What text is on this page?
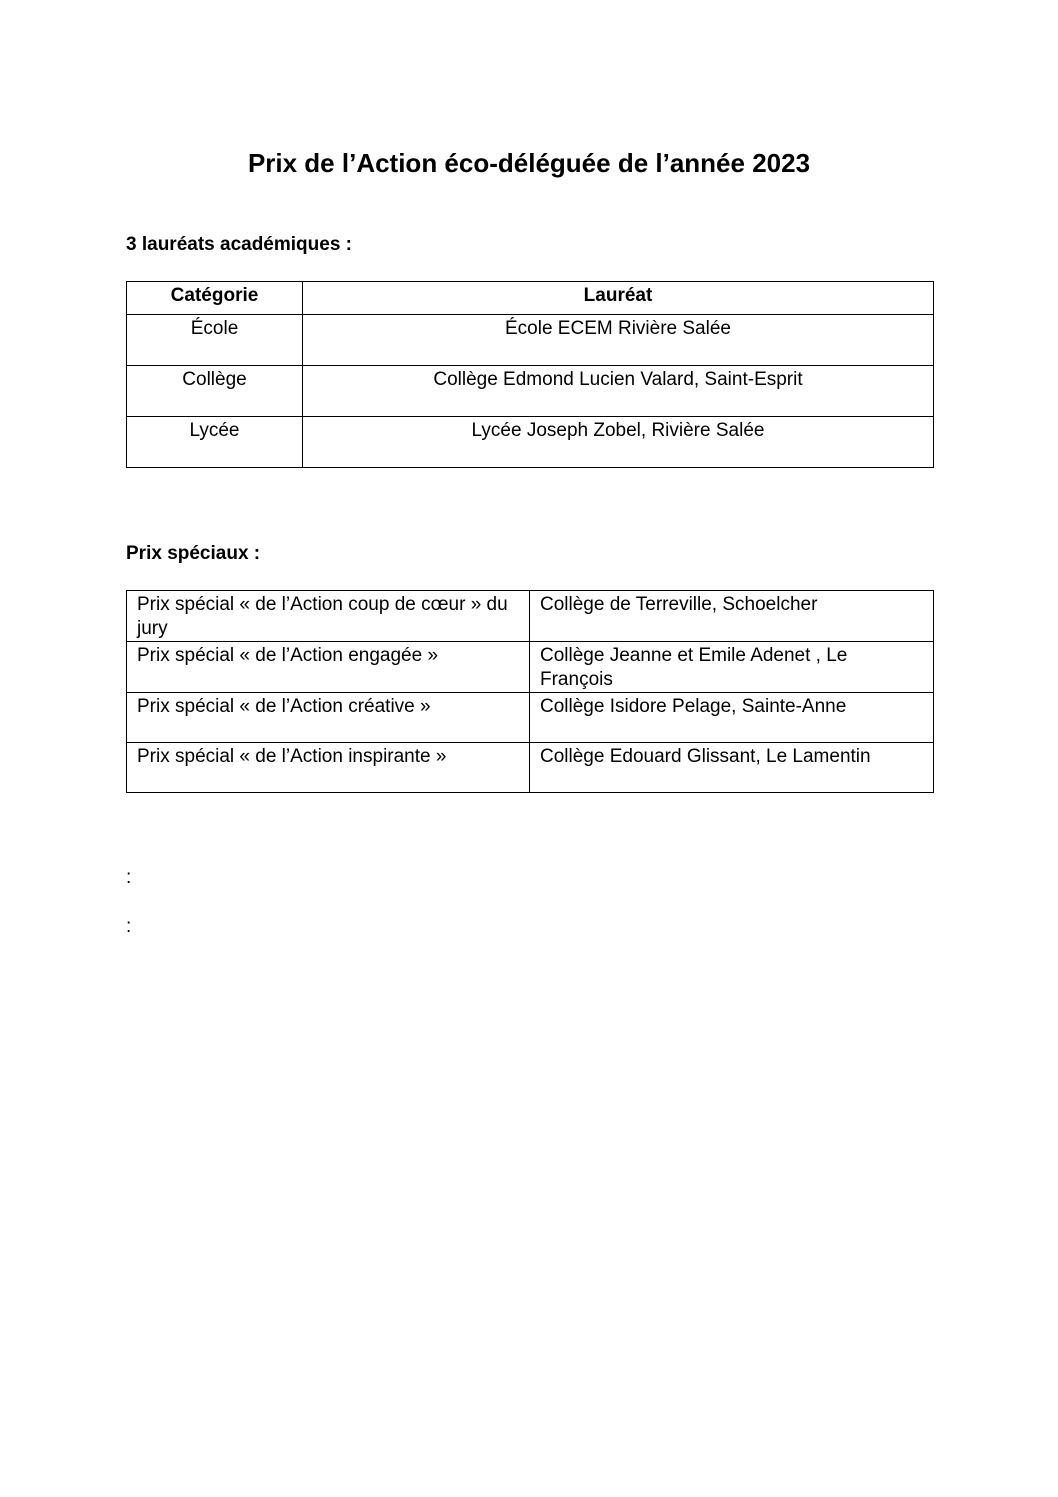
Prix de l’Action éco-déléguée de l’année 2023
3 lauréats académiques :
Catégorie	Lauréat
École	École ECEM Rivière Salée
Collège	Collège Edmond Lucien Valard, Saint-Esprit
Lycée	Lycée Joseph Zobel, Rivière Salée
Prix spéciaux :
Prix spécial « de l’Action coup de cœur » du jury	Collège de Terreville, Schoelcher
Prix spécial « de l’Action engagée »	Collège Jeanne et Emile Adenet , Le François
Prix spécial « de l’Action créative »	Collège Isidore Pelage, Sainte-Anne
Prix spécial « de l’Action inspirante »	Collège Edouard Glissant, Le Lamentin

:

:
